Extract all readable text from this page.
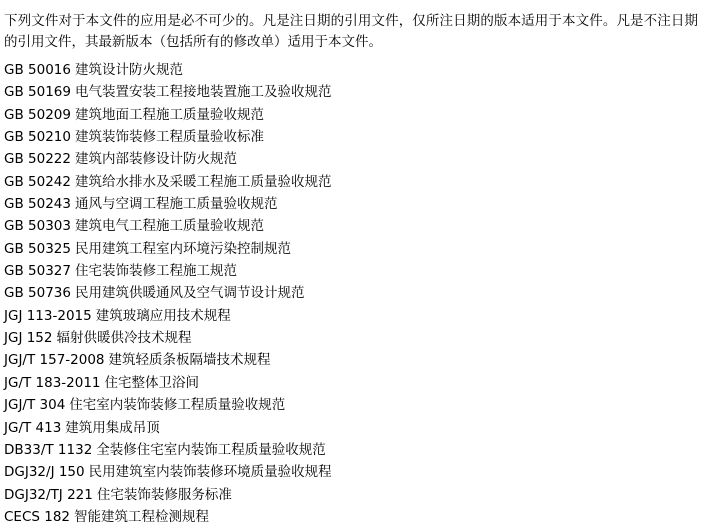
下列文件对于本文件的应用是必不可少的。凡是注日期的引用文件，仅所注日期的版本适用于本文件。凡是不注日期的引用文件，其最新版本（包括所有的修改单）适用于本文件。

GB 50016 建筑设计防火规范
GB 50169 电气装置安装工程接地装置施工及验收规范
GB 50209 建筑地面工程施工质量验收规范
GB 50210 建筑装饰装修工程质量验收标准
GB 50222 建筑内部装修设计防火规范
GB 50242 建筑给水排水及采暖工程施工质量验收规范
GB 50243 通风与空调工程施工质量验收规范
GB 50303 建筑电气工程施工质量验收规范
GB 50325 民用建筑工程室内环境污染控制规范
GB 50327 住宅装饰装修工程施工规范
GB 50736 民用建筑供暖通风及空气调节设计规范
JGJ 113-2015 建筑玻璃应用技术规程
JGJ 152 辐射供暖供冷技术规程
JGJ/T 157-2008 建筑轻质条板隔墙技术规程
JG/T 183-2011 住宅整体卫浴间
JGJ/T 304 住宅室内装饰装修工程质量验收规范
JG/T 413 建筑用集成吊顶
DB33/T 1132 全装修住宅室内装饰工程质量验收规范
DGJ32/J 150 民用建筑室内装饰装修环境质量验收规程
DGJ32/TJ 221 住宅装饰装修服务标准
CECS 182 智能建筑工程检测规程
